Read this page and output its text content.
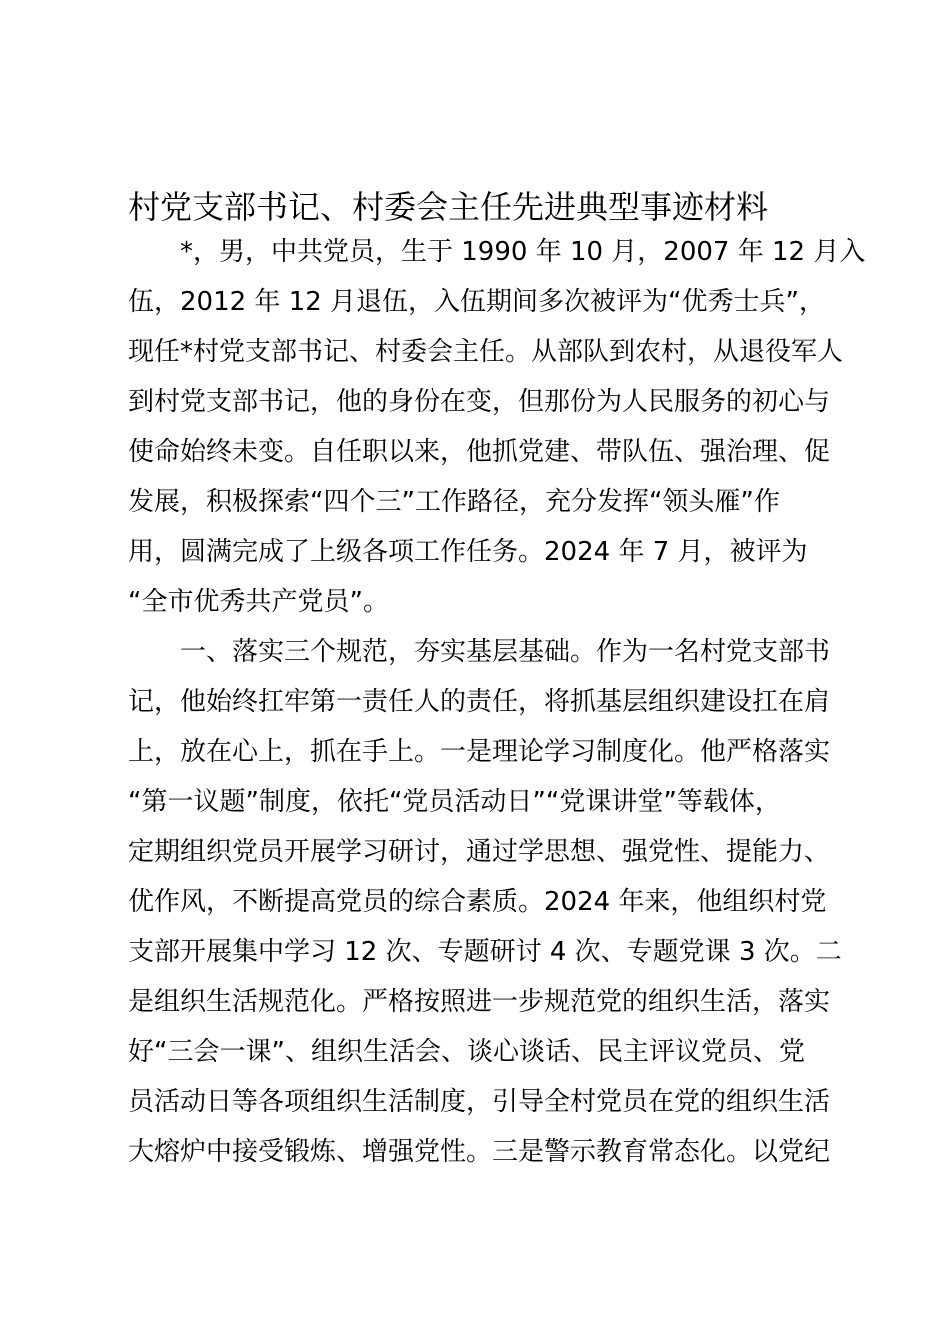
村党支部书记、村委会主任先进典型事迹材料
*，男，中共党员，生于 1990 年 10 月，2007 年 12 月入
伍，2012 年 12 月退伍，入伍期间多次被评为“优秀士兵”，
现任*村党支部书记、村委会主任。从部队到农村，从退役军人
到村党支部书记，他的身份在变，但那份为人民服务的初心与
使命始终未变。自任职以来，他抓党建、带队伍、强治理、促
发展，积极探索“四个三”工作路径，充分发挥“领头雁”作
用，圆满完成了上级各项工作任务。2024 年 7 月，被评为
“全市优秀共产党员”。
一、落实三个规范，夯实基层基础。作为一名村党支部书
记，他始终扛牢第一责任人的责任，将抓基层组织建设扛在肩
上，放在心上，抓在手上。一是理论学习制度化。他严格落实
“第一议题”制度，依托“党员活动日”“党课讲堂”等载体，
定期组织党员开展学习研讨，通过学思想、强党性、提能力、
优作风，不断提高党员的综合素质。2024 年来，他组织村党
支部开展集中学习 12 次、专题研讨 4 次、专题党课 3 次。二
是组织生活规范化。严格按照进一步规范党的组织生活，落实
好“三会一课”、组织生活会、谈心谈话、民主评议党员、党
员活动日等各项组织生活制度，引导全村党员在党的组织生活
大熔炉中接受锻炼、增强党性。三是警示教育常态化。以党纪
